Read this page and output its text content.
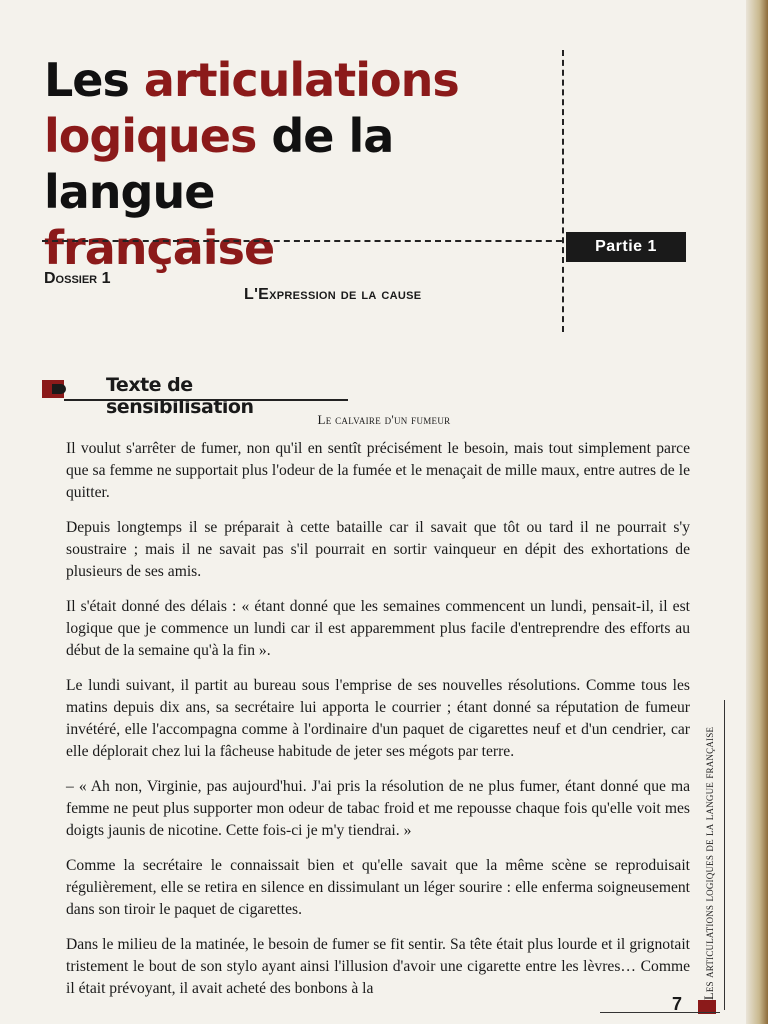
Les articulations
logiques de la langue
française	Partie 1
Dossier 1
L'Expression de la cause
Texte de sensibilisation
Le calvaire d'un fumeur

Il voulut s'arrêter de fumer, non qu'il en sentît précisément le besoin, mais tout simplement parce que sa femme ne supportait plus l'odeur de la fumée et le menaçait de mille maux, entre autres de le quitter.

Depuis longtemps il se préparait à cette bataille car il savait que tôt ou tard il ne pourrait s'y soustraire ; mais il ne savait pas s'il pourrait en sortir vainqueur en dépit des exhortations de plusieurs de ses amis.

Il s'était donné des délais : « étant donné que les semaines commencent un lundi, pensait-il, il est logique que je commence un lundi car il est apparemment plus facile d'entreprendre des efforts au début de la semaine qu'à la fin ».

Le lundi suivant, il partit au bureau sous l'emprise de ses nouvelles résolutions. Comme tous les matins depuis dix ans, sa secrétaire lui apporta le courrier ; étant donné sa réputation de fumeur invétéré, elle l'accompagna comme à l'ordinaire d'un paquet de cigarettes neuf et d'un cendrier, car elle déplorait chez lui la fâcheuse habitude de jeter ses mégots par terre.

– « Ah non, Virginie, pas aujourd'hui. J'ai pris la résolution de ne plus fumer, étant donné que ma femme ne peut plus supporter mon odeur de tabac froid et me repousse chaque fois qu'elle voit mes doigts jaunis de nicotine. Cette fois-ci je m'y tiendrai. »

Comme la secrétaire le connaissait bien et qu'elle savait que la même scène se reproduisait régulièrement, elle se retira en silence en dissimulant un léger sourire : elle enferma soigneusement dans son tiroir le paquet de cigarettes.

Dans le milieu de la matinée, le besoin de fumer se fit sentir. Sa tête était plus lourde et il grignotait tristement le bout de son stylo ayant ainsi l'illusion d'avoir une cigarette entre les lèvres… Comme il était prévoyant, il avait acheté des bonbons à la	Les articulations logiques de la langue française
7
